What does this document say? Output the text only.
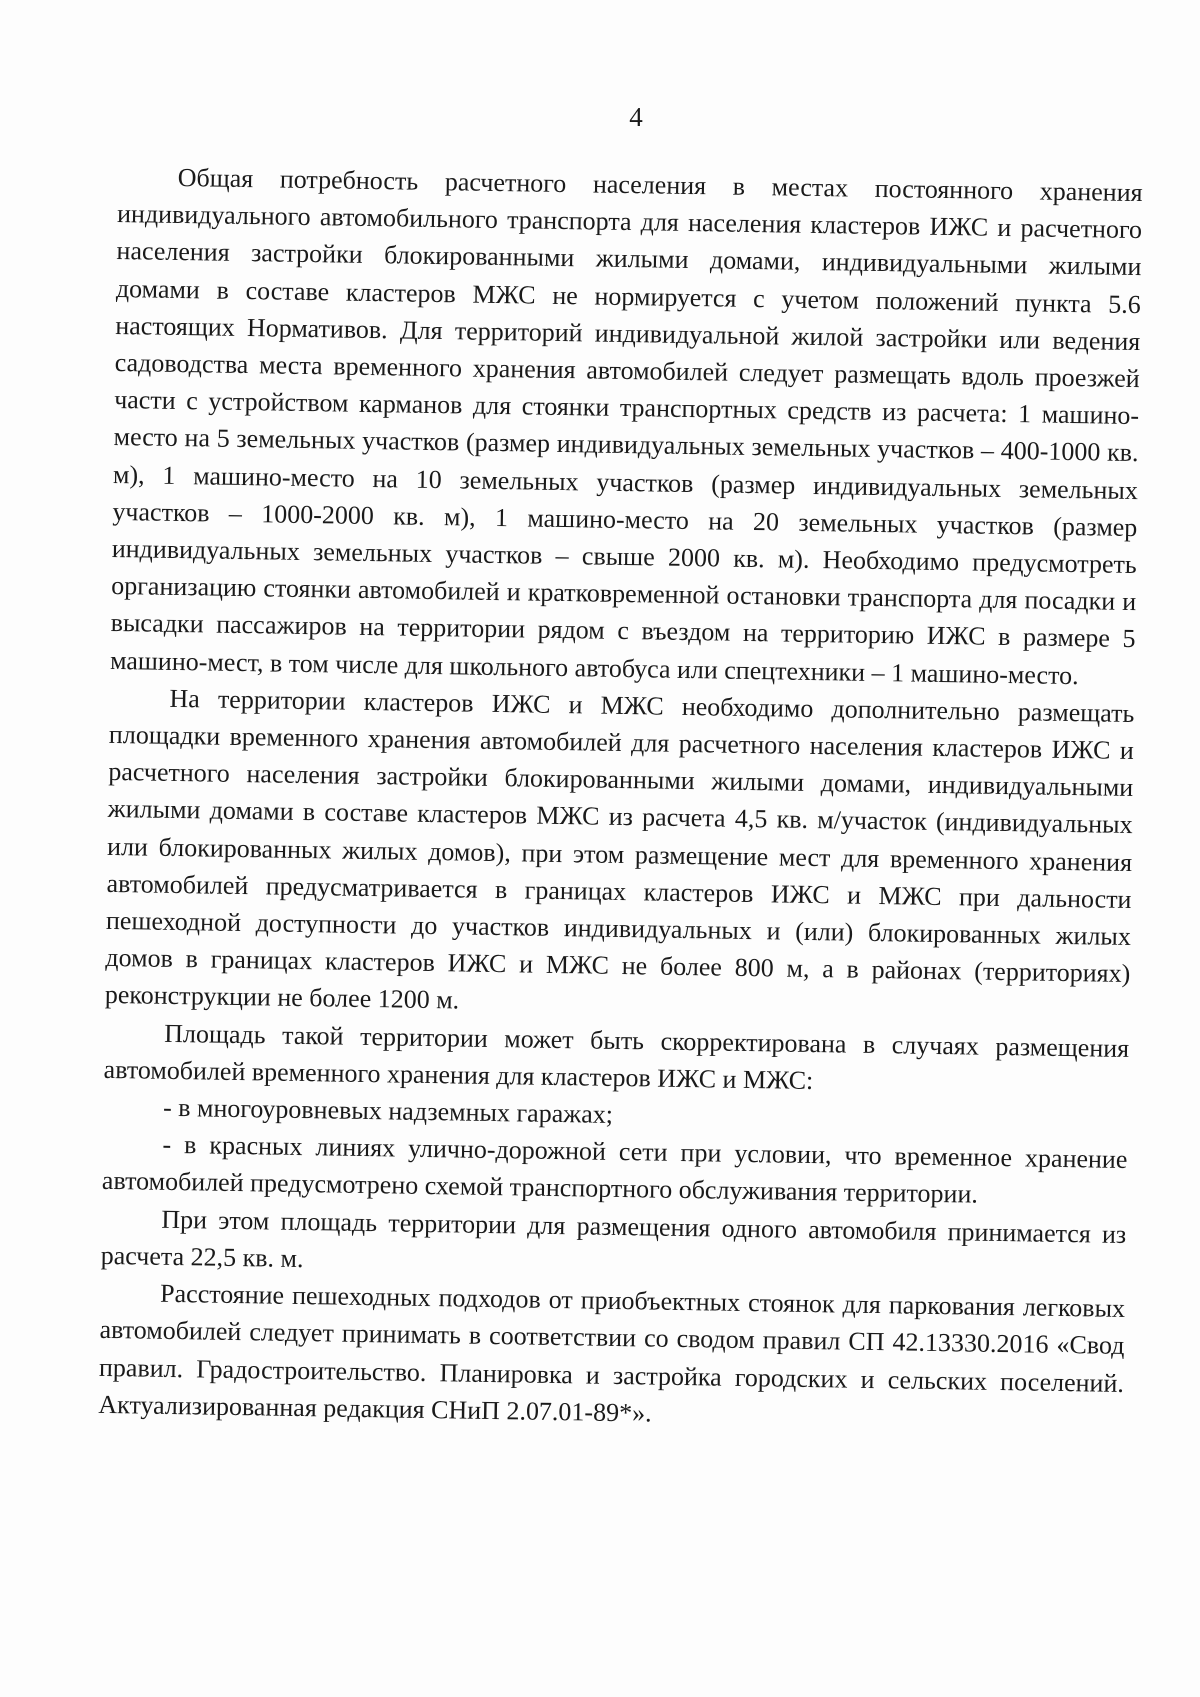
4

Общая потребность расчетного населения в местах постоянного хранения индивидуального автомобильного транспорта для населения кластеров ИЖС и расчетного населения застройки блокированными жилыми домами, индивидуальными жилыми домами в составе кластеров МЖС не нормируется с учетом положений пункта 5.6 настоящих Нормативов. Для территорий индивидуальной жилой застройки или ведения садоводства места временного хранения автомобилей следует размещать вдоль проезжей части с устройством карманов для стоянки транспортных средств из расчета: 1 машино-место на 5 земельных участков (размер индивидуальных земельных участков – 400-1000 кв. м), 1 машино-место на 10 земельных участков (размер индивидуальных земельных участков – 1000-2000 кв. м), 1 машино-место на 20 земельных участков (размер индивидуальных земельных участков – свыше 2000 кв. м). Необходимо предусмотреть организацию стоянки автомобилей и кратковременной остановки транспорта для посадки и высадки пассажиров на территории рядом с въездом на территорию ИЖС в размере 5 машино-мест, в том числе для школьного автобуса или спецтехники – 1 машино-место.

На территории кластеров ИЖС и МЖС необходимо дополнительно размещать площадки временного хранения автомобилей для расчетного населения кластеров ИЖС и расчетного населения застройки блокированными жилыми домами, индивидуальными жилыми домами в составе кластеров МЖС из расчета 4,5 кв. м/участок (индивидуальных или блокированных жилых домов), при этом размещение мест для временного хранения автомобилей предусматривается в границах кластеров ИЖС и МЖС при дальности пешеходной доступности до участков индивидуальных и (или) блокированных жилых домов в границах кластеров ИЖС и МЖС не более 800 м, а в районах (территориях) реконструкции не более 1200 м.

Площадь такой территории может быть скорректирована в случаях размещения автомобилей временного хранения для кластеров ИЖС и МЖС:

- в многоуровневых надземных гаражах;

- в красных линиях улично-дорожной сети при условии, что временное хранение автомобилей предусмотрено схемой транспортного обслуживания территории.

При этом площадь территории для размещения одного автомобиля принимается из расчета 22,5 кв. м.

Расстояние пешеходных подходов от приобъектных стоянок для паркования легковых автомобилей следует принимать в соответствии со сводом правил СП 42.13330.2016 «Свод правил. Градостроительство. Планировка и застройка городских и сельских поселений. Актуализированная редакция СНиП 2.07.01-89*».
